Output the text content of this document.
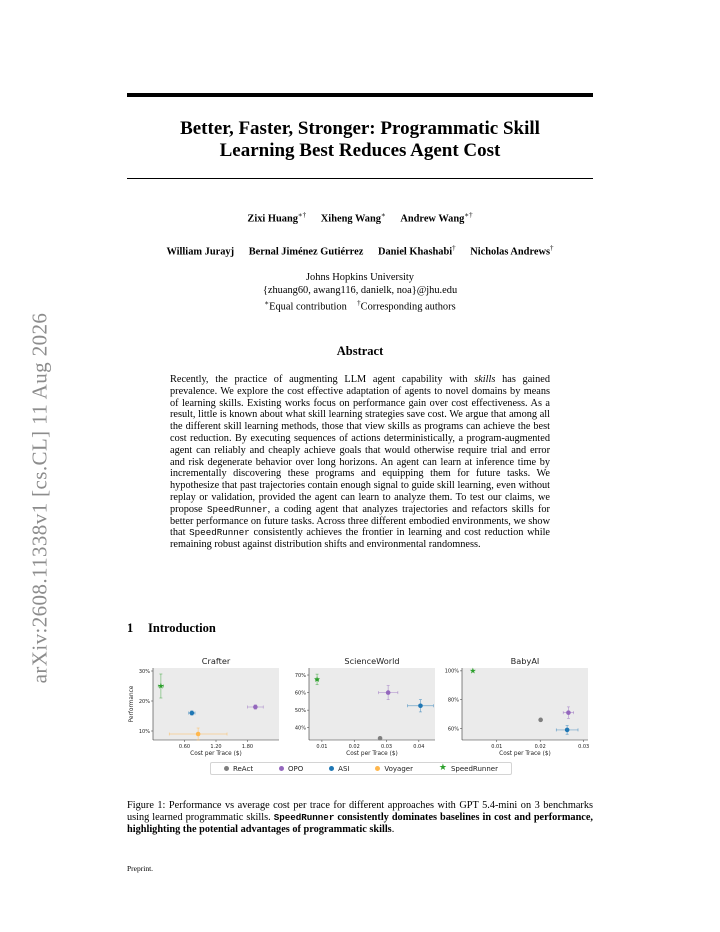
arXiv:2608.11338v1 [cs.CL] 11 Aug 2026
Better, Faster, Stronger: Programmatic Skill
Learning Best Reduces Agent Cost
Zixi Huang∗† Xiheng Wang∗ Andrew Wang∗†
William Jurayj Bernal Jiménez Gutiérrez Daniel Khashabi† Nicholas Andrews†
Johns Hopkins University
{zhuang60, awang116, danielk, noa}@jhu.edu
∗Equal contribution †Corresponding authors
Abstract

Recently, the practice of augmenting LLM agent capability with skills has gained prevalence. We explore the cost effective adaptation of agents to novel domains by means of learning skills. Existing works focus on performance gain over cost effectiveness. As a result, little is known about what skill learning strategies save cost. We argue that among all the different skill learning methods, those that view skills as programs can achieve the best cost reduction. By executing sequences of actions deterministically, a program-augmented agent can reliably and cheaply achieve goals that would otherwise require trial and error and risk degenerate behavior over long horizons. An agent can learn at inference time by incrementally discovering these programs and equipping them for future tasks. We hypothesize that past trajectories contain enough signal to guide skill learning, even without replay or validation, provided the agent can learn to analyze them. To test our claims, we propose SpeedRunner, a coding agent that analyzes trajectories and refactors skills for better performance on future tasks. Across three different embodied environments, we show that SpeedRunner consistently achieves the frontier in learning and cost reduction while remaining robust against distribution shifts and environmental randomness.

1 Introduction
Crafter
0.60	1.20	1.80
10%
20%
30%
Cost per Trace ($)
Performance
ScienceWorld
0.01	0.02	0.03	0.04
40%
50%
60%
70%
Cost per Trace ($)
BabyAI
0.01	0.02	0.03
60%
80%
100%
Cost per Trace ($)
ReAct	OPO	ASI	Voyager	★ SpeedRunner

Figure 1: Performance vs average cost per trace for different approaches with GPT 5.4-mini on 3 benchmarks using learned programmatic skills. SpeedRunner consistently dominates baselines in cost and performance, highlighting the potential advantages of programmatic skills.

Preprint.
